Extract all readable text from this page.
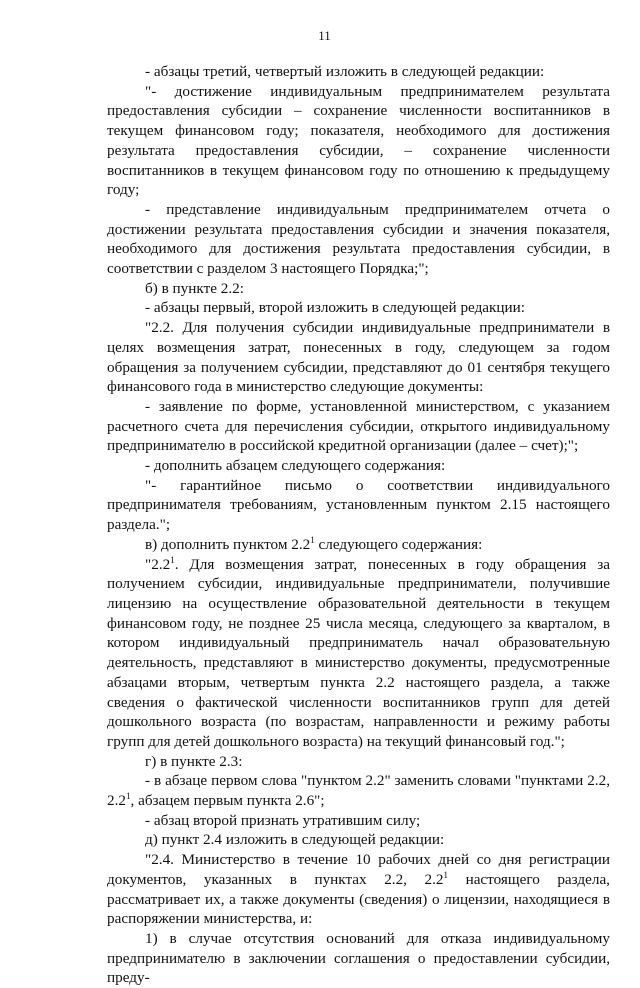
11

- абзацы третий, четвертый изложить в следующей редакции:

"- достижение индивидуальным предпринимателем результата предоставления субсидии – сохранение численности воспитанников в текущем финансовом году; показателя, необходимого для достижения результата предоставления субсидии, – сохранение численности воспитанников в текущем финансовом году по отношению к предыдущему году;

- представление индивидуальным предпринимателем отчета о достижении результата предоставления субсидии и значения показателя, необходимого для достижения результата предоставления субсидии, в соответствии с разделом 3 настоящего Порядка;";

б) в пункте 2.2:

- абзацы первый, второй изложить в следующей редакции:

"2.2. Для получения субсидии индивидуальные предприниматели в целях возмещения затрат, понесенных в году, следующем за годом обращения за получением субсидии, представляют до 01 сентября текущего финансового года в министерство следующие документы:

- заявление по форме, установленной министерством, с указанием расчетного счета для перечисления субсидии, открытого индивидуальному предпринимателю в российской кредитной организации (далее – счет);";

- дополнить абзацем следующего содержания:

"- гарантийное письмо о соответствии индивидуального предпринимателя требованиям, установленным пунктом 2.15 настоящего раздела.";

в) дополнить пунктом $2.2^1$ следующего содержания:

"$2.2^1$. Для возмещения затрат, понесенных в году обращения за получением субсидии, индивидуальные предприниматели, получившие лицензию на осуществление образовательной деятельности в текущем финансовом году, не позднее 25 числа месяца, следующего за кварталом, в котором индивидуальный предприниматель начал образовательную деятельность, представляют в министерство документы, предусмотренные абзацами вторым, четвертым пункта 2.2 настоящего раздела, а также сведения о фактической численности воспитанников групп для детей дошкольного возраста (по возрастам, направленности и режиму работы групп для детей дошкольного возраста) на текущий финансовый год.";

г) в пункте 2.3:

- в абзаце первом слова "пунктом 2.2" заменить словами "пунктами 2.2, $2.2^1$, абзацем первым пункта 2.6";

- абзац второй признать утратившим силу;

д) пункт 2.4 изложить в следующей редакции:

"2.4. Министерство в течение 10 рабочих дней со дня регистрации документов, указанных в пунктах 2.2, $2.2^1$ настоящего раздела, рассматривает их, а также документы (сведения) о лицензии, находящиеся в распоряжении министерства, и:

1) в случае отсутствия оснований для отказа индивидуальному предпринимателю в заключении соглашения о предоставлении субсидии, преду-
